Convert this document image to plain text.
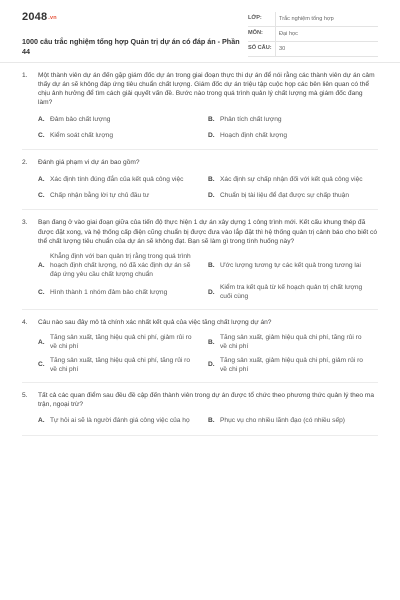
2048.vn
1000 câu trắc nghiệm tổng hợp Quản trị dự án có đáp án - Phần 44
LỚP:	Trắc nghiệm tổng hợp
MÔN:	Đại học
SỐ CÂU:	30
1.	Một thành viên dự án đến gặp giám đốc dự án trong giai đoạn thực thi dự án để nói rằng các thành viên dự án cảm thấy dự án sẽ không đáp ứng tiêu chuẩn chất lượng. Giám đốc dự án triệu tập cuộc họp các bên liên quan có thể chịu ảnh hưởng để tìm cách giải quyết vấn đề. Bước nào trong quá trình quản lý chất lượng mà giám đốc đang làm?
A. Đảm bảo chất lượng	B. Phân tích chất lượng
C. Kiểm soát chất lượng	D. Hoạch định chất lượng
2.	Đánh giá phạm vi dự án bao gồm?
A. Xác định tính đúng đắn của kết quả công việc	B. Xác định sự chấp nhận đối với kết quả công việc
C. Chấp nhận bằng lời tự chủ đầu tư	D. Chuẩn bị tài liệu để đạt được sự chấp thuận
3.	Bạn đang ở vào giai đoạn giữa của tiến độ thực hiện 1 dự án xây dựng 1 công trình mới. Kết cấu khung thép đã được đặt xong, và hệ thống cấp điện cũng chuẩn bị được đưa vào lắp đặt thì hệ thống quản trị cảnh báo cho biết có thể chất lượng tiêu chuẩn của dự án sẽ không đạt. Bạn sẽ làm gì trong tình huống này?
A.
Khẳng định với ban quản trị rằng trong quá trình hoạch định chất lượng, nó đã xác định dự án sẽ đáp ứng yêu cầu chất lượng chuẩn
B. Ước lượng tương tự các kết quả trong tương lai
C. Hình thành 1 nhóm đảm bảo chất lượng	D.
Kiểm tra kết quả từ kế hoạch quản trị chất lượng cuối cùng
4.	Câu nào sau đây mô tả chính xác nhất kết quả của việc tăng chất lượng dự án?
A.
Tăng sản xuất, tăng hiệu quả chi phí, giảm rủi ro về chi phí
B.
Tăng sản xuất, giảm hiệu quả chi phí, tăng rủi ro về chi phí
C.
Tăng sản xuất, tăng hiệu quả chi phí, tăng rủi ro về chi phí
D.
Tăng sản xuất, giảm hiệu quả chi phí, giảm rủi ro về chi phí
5.	Tất cả các quan điểm sau đều đề cập đến thành viên trong dự án được tổ chức theo phương thức quản lý theo ma trận, ngoại trừ?
A. Tự hỏi ai sẽ là người đánh giá công việc của họ	B. Phục vụ cho nhiều lãnh đạo (có nhiều sếp)
